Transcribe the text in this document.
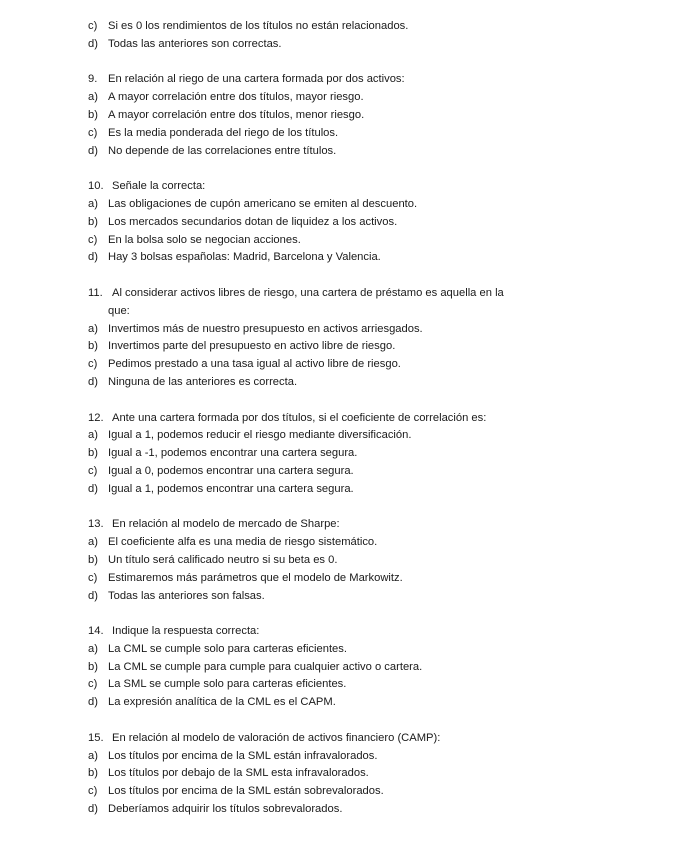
c) Si es 0 los rendimientos de los títulos no están relacionados.
d) Todas las anteriores son correctas.
9. En relación al riego de una cartera formada por dos activos:
a) A mayor correlación entre dos títulos, mayor riesgo.
b) A mayor correlación entre dos títulos, menor riesgo.
c) Es la media ponderada del riego de los títulos.
d) No depende de las correlaciones entre títulos.
10. Señale la correcta:
a) Las obligaciones de cupón americano se emiten al descuento.
b) Los mercados secundarios dotan de liquidez a los activos.
c) En la bolsa solo se negocian acciones.
d) Hay 3 bolsas españolas: Madrid, Barcelona y Valencia.
11. Al considerar activos libres de riesgo, una cartera de préstamo es aquella en la
que:
a) Invertimos más de nuestro presupuesto en activos arriesgados.
b) Invertimos parte del presupuesto en activo libre de riesgo.
c) Pedimos prestado a una tasa igual al activo libre de riesgo.
d) Ninguna de las anteriores es correcta.
12. Ante una cartera formada por dos títulos, si el coeficiente de correlación es:
a) Igual a 1, podemos reducir el riesgo mediante diversificación.
b) Igual a -1, podemos encontrar una cartera segura.
c) Igual a 0, podemos encontrar una cartera segura.
d) Igual a 1, podemos encontrar una cartera segura.
13. En relación al modelo de mercado de Sharpe:
a) El coeficiente alfa es una media de riesgo sistemático.
b) Un título será calificado neutro si su beta es 0.
c) Estimaremos más parámetros que el modelo de Markowitz.
d) Todas las anteriores son falsas.
14. Indique la respuesta correcta:
a) La CML se cumple solo para carteras eficientes.
b) La CML se cumple para cumple para cualquier activo o cartera.
c) La SML se cumple solo para carteras eficientes.
d) La expresión analítica de la CML es el CAPM.
15. En relación al modelo de valoración de activos financiero (CAMP):
a) Los títulos por encima de la SML están infravalorados.
b) Los títulos por debajo de la SML esta infravalorados.
c) Los títulos por encima de la SML están sobrevalorados.
d) Deberíamos adquirir los títulos sobrevalorados.
